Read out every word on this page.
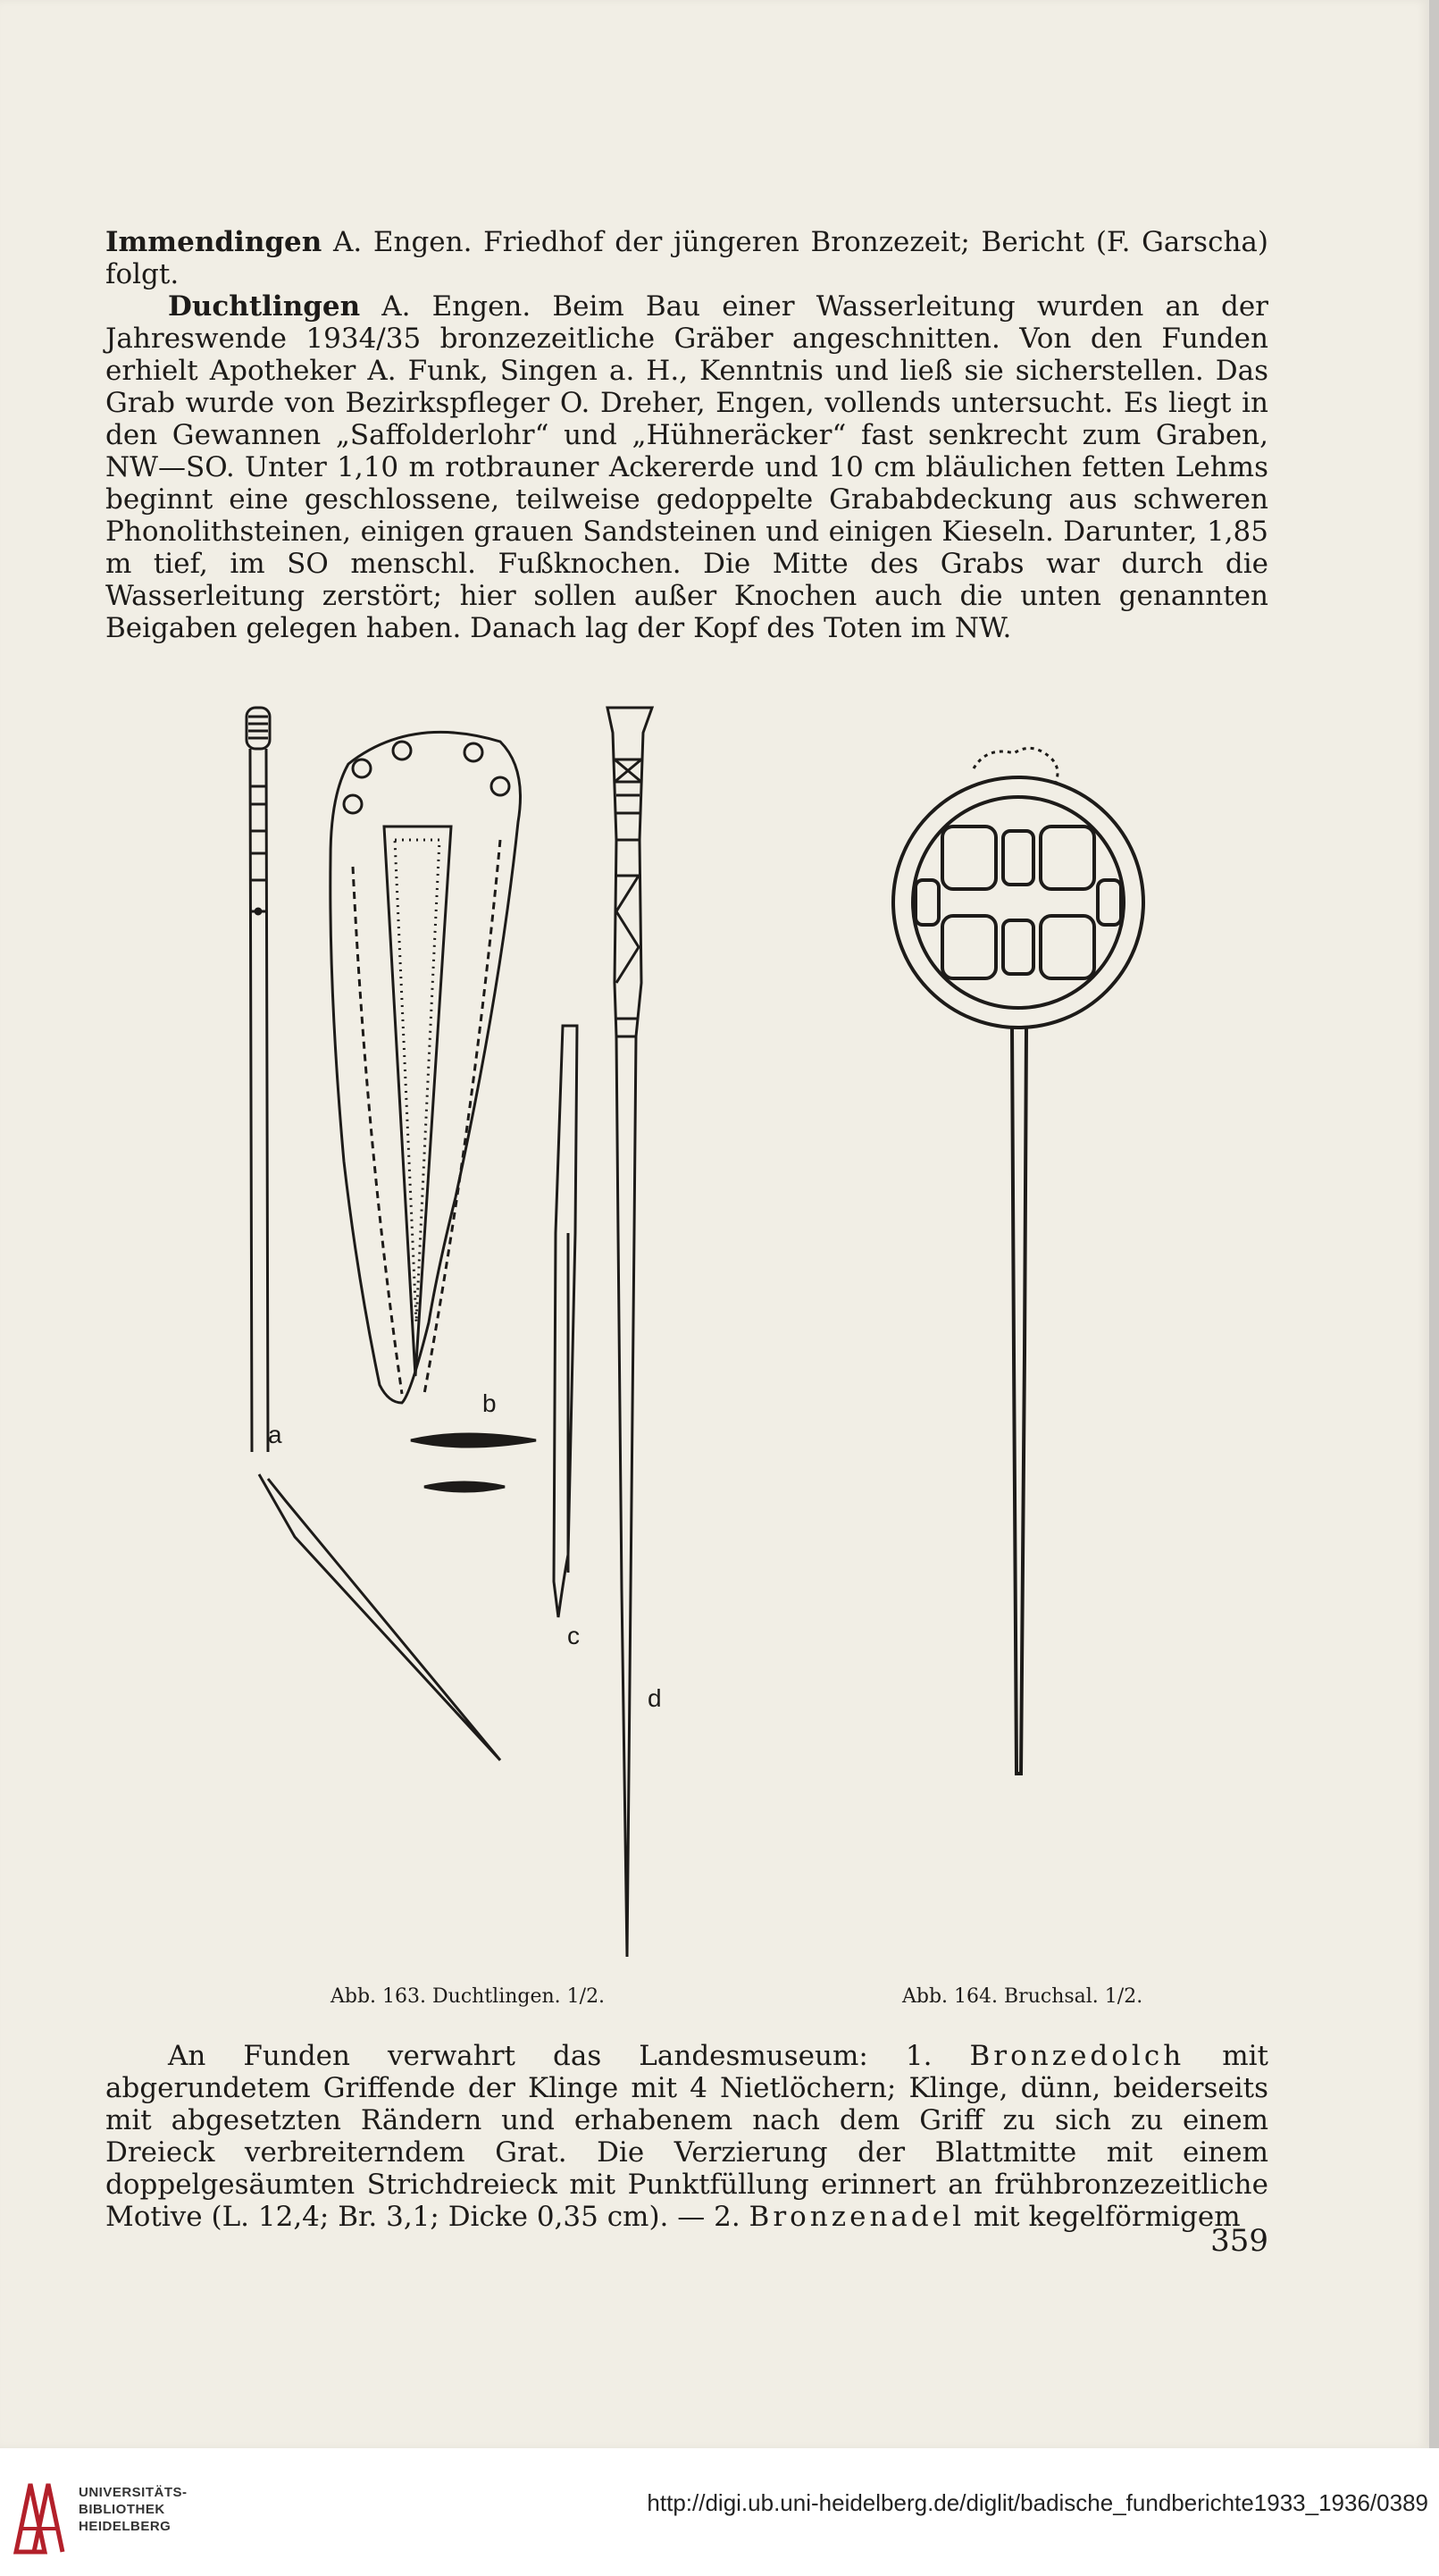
Immendingen A. Engen. Friedhof der jüngeren Bronzezeit; Bericht (F. Garscha) folgt.

Duchtlingen A. Engen. Beim Bau einer Wasserleitung wurden an der Jahreswende 1934/35 bronzezeitliche Gräber angeschnitten. Von den Funden erhielt Apotheker A. Funk, Singen a. H., Kenntnis und ließ sie sicherstellen. Das Grab wurde von Bezirkspfleger O. Dreher, Engen, vollends untersucht. Es liegt in den Gewannen „Saffolderlohr“ und „Hühneräcker“ fast senkrecht zum Graben, NW—SO. Unter 1,10 m rotbrauner Ackererde und 10 cm bläulichen fetten Lehms beginnt eine geschlossene, teilweise gedoppelte Grababdeckung aus schweren Phonolithsteinen, einigen grauen Sandsteinen und einigen Kieseln. Darunter, 1,85 m tief, im SO menschl. Fußknochen. Die Mitte des Grabs war durch die Wasserleitung zerstört; hier sollen außer Knochen auch die unten genannten Beigaben gelegen haben. Danach lag der Kopf des Toten im NW.

a
b
c
d
Abb. 163. Duchtlingen. 1/2.	Abb. 164. Bruchsal. 1/2.

An Funden verwahrt das Landesmuseum: 1. Bronzedolch mit abgerundetem Griffende der Klinge mit 4 Nietlöchern; Klinge, dünn, beiderseits mit abgesetzten Rändern und erhabenem nach dem Griff zu sich zu einem Dreieck verbreiterndem Grat. Die Verzierung der Blattmitte mit einem doppelgesäumten Strichdreieck mit Punktfüllung erinnert an frühbronzezeitliche Motive (L. 12,4; Br. 3,1; Dicke 0,35 cm). — 2. Bronzenadel mit kegelförmigem

359
UNIVERSITÄTS-
BIBLIOTHEK
HEIDELBERG
http://digi.ub.uni-heidelberg.de/diglit/badische_fundberichte1933_1936/0389
